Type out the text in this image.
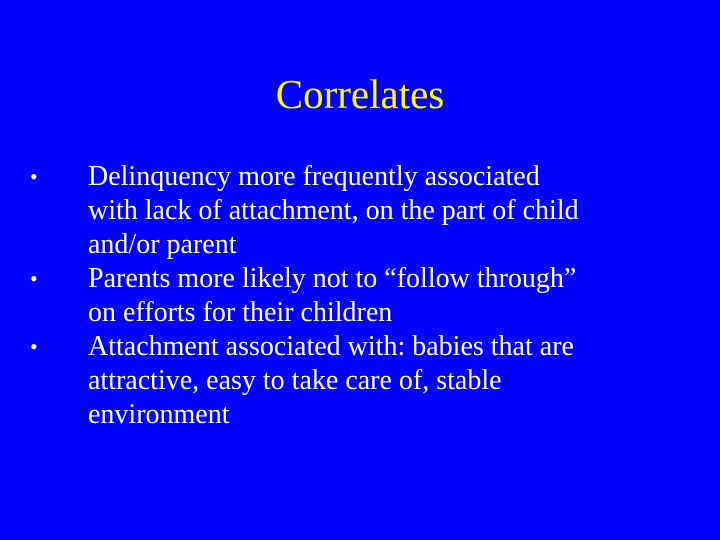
Correlates
•	Delinquency more frequently associated
with lack of attachment, on the part of child
and/or parent
•	Parents more likely not to “follow through”
on efforts for their children
•	Attachment associated with: babies that are
attractive, easy to take care of, stable
environment
